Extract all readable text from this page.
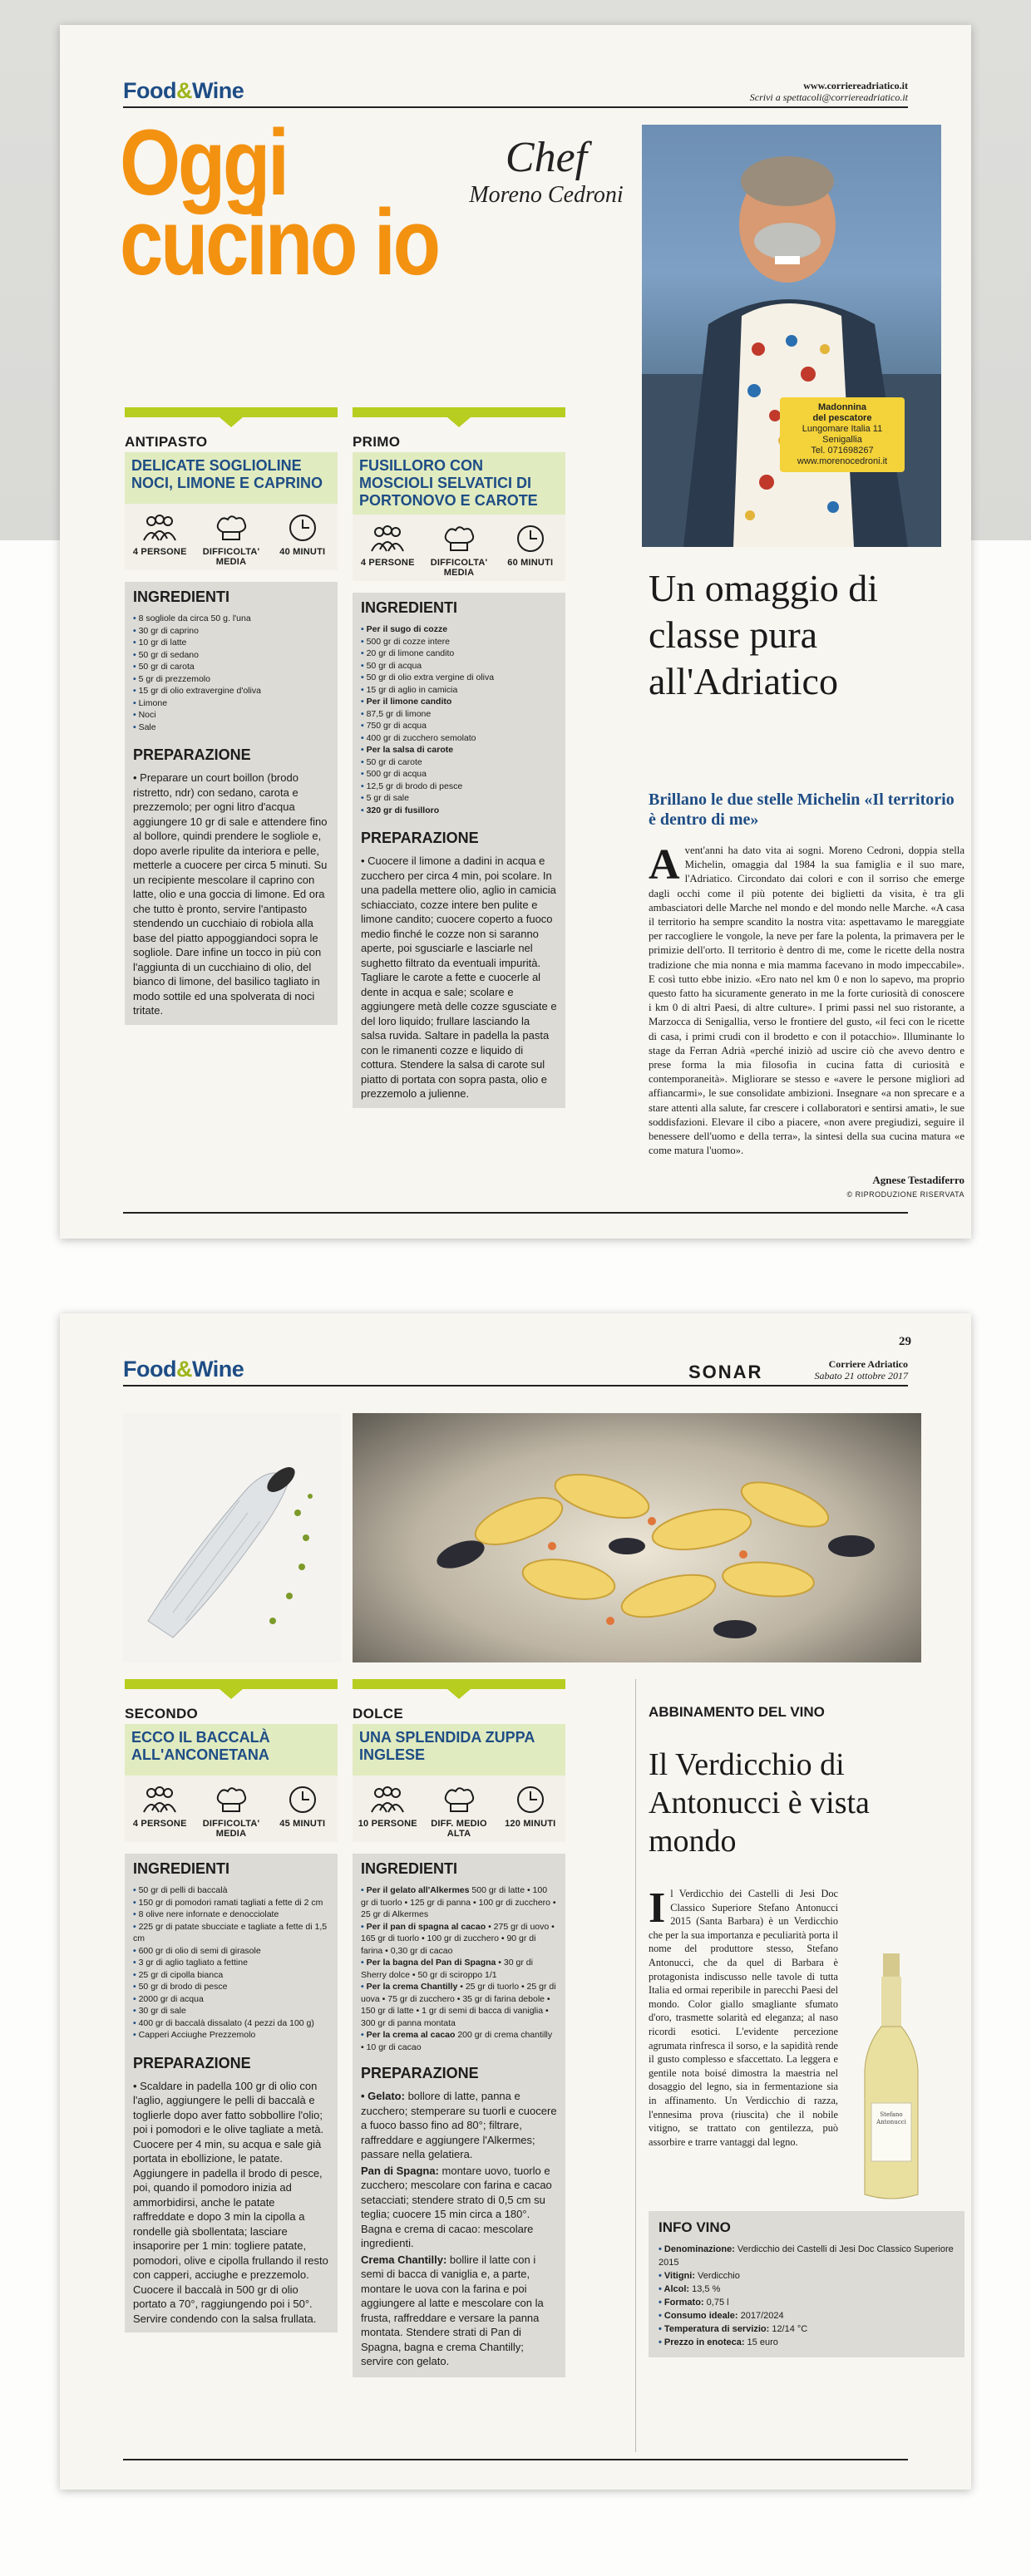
Food&Wine	www.corriereadriatico.it
Scrivi a spettacoli@corriereadriatico.it
Oggi
cucino io
Chef
Moreno Cedroni
Madonnina
del pescatore
Lungomare Italia 11
Senigallia
Tel. 071698267
www.morenocedroni.it
ANTIPASTO
DELICATE SOGLIOLINE NOCI, LIMONE E CAPRINO
4 PERSONE	DIFFICOLTA' MEDIA
40 MINUTI
INGREDIENTI
• 8 sogliole da circa 50 g. l'una
• 30 gr di caprino
• 10 gr di latte
• 50 gr di sedano
• 50 gr di carota
• 5 gr di prezzemolo
• 15 gr di olio extravergine d'oliva
• Limone
• Noci
• Sale
PREPARAZIONE

• Preparare un court boillon (brodo ristretto, ndr) con sedano, carota e prezzemolo; per ogni litro d'acqua aggiungere 10 gr di sale e attendere fino al bollore, quindi prendere le sogliole e, dopo averle ripulite da interiora e pelle, metterle a cuocere per circa 5 minuti. Su un recipiente mescolare il caprino con latte, olio e una goccia di limone. Ed ora che tutto è pronto, servire l'antipasto stendendo un cucchiaio di robiola alla base del piatto appoggiandoci sopra le sogliole. Dare infine un tocco in più con l'aggiunta di un cucchiaino di olio, del bianco di limone, del basilico tagliato in modo sottile ed una spolverata di noci tritate.

PRIMO
FUSILLORO CON MOSCIOLI SELVATICI DI PORTONOVO E CAROTE
4 PERSONE	DIFFICOLTA' MEDIA
60 MINUTI
INGREDIENTI
• Per il sugo di cozze
• 500 gr di cozze intere
• 20 gr di limone candito
• 50 gr di acqua
• 50 gr di olio extra vergine di oliva
• 15 gr di aglio in camicia
• Per il limone candito
• 87,5 gr di limone
• 750 gr di acqua
• 400 gr di zucchero semolato
• Per la salsa di carote
• 50 gr di carote
• 500 gr di acqua
• 12,5 gr di brodo di pesce
• 5 gr di sale
• 320 gr di fusilloro
PREPARAZIONE

• Cuocere il limone a dadini in acqua e zucchero per circa 4 min, poi scolare. In una padella mettere olio, aglio in camicia schiacciato, cozze intere ben pulite e limone candito; cuocere coperto a fuoco medio finché le cozze non si saranno aperte, poi sgusciarle e lasciarle nel sughetto filtrato da eventuali impurità. Tagliare le carote a fette e cuocerle al dente in acqua e sale; scolare e aggiungere metà delle cozze sgusciate e del loro liquido; frullare lasciando la salsa ruvida. Saltare in padella la pasta con le rimanenti cozze e liquido di cottura. Stendere la salsa di carote sul piatto di portata con sopra pasta, olio e prezzemolo a julienne.

Un omaggio di classe pura all'Adriatico
Brillano le due stelle Michelin «Il territorio è dentro di me»
Avent'anni ha dato vita ai sogni. Moreno Cedroni, doppia stella Michelin, omaggia dal 1984 la sua famiglia e il suo mare, l'Adriatico. Circondato dai colori e con il sorriso che emerge dagli occhi come il più potente dei biglietti da visita, è tra gli ambasciatori delle Marche nel mondo e del mondo nelle Marche. «A casa il territorio ha sempre scandito la nostra vita: aspettavamo le mareggiate per raccogliere le vongole, la neve per fare la polenta, la primavera per le primizie dell'orto. Il territorio è dentro di me, come le ricette della nostra tradizione che mia nonna e mia mamma facevano in modo impeccabile». E così tutto ebbe inizio. «Ero nato nel km 0 e non lo sapevo, ma proprio questo fatto ha sicuramente generato in me la forte curiosità di conoscere i km 0 di altri Paesi, di altre culture». I primi passi nel suo ristorante, a Marzocca di Senigallia, verso le frontiere del gusto, «il feci con le ricette di casa, i primi crudi con il brodetto e con il potacchio». Illuminante lo stage da Ferran Adrià «perché iniziò ad uscire ciò che avevo dentro e prese forma la mia filosofia in cucina fatta di curiosità e contemporaneità». Migliorare se stesso e «avere le persone migliori ad affiancarmi», le sue consolidate ambizioni. Insegnare «a non sprecare e a stare attenti alla salute, far crescere i collaboratori e sentirsi amati», le sue soddisfazioni. Elevare il cibo a piacere, «non avere pregiudizi, seguire il benessere dell'uomo e della terra», la sintesi della sua cucina matura «e come matura l'uomo».
Agnese Testadiferro
© RIPRODUZIONE RISERVATA
29
Food&Wine	SONAR	Corriere Adriatico
Sabato 21 ottobre 2017
SECONDO
ECCO IL BACCALÀ ALL'ANCONETANA
4 PERSONE	DIFFICOLTA' MEDIA
45 MINUTI
INGREDIENTI
• 50 gr di pelli di baccalà
• 150 gr di pomodori ramati tagliati a fette di 2 cm
• 8 olive nere infornate e denocciolate
• 225 gr di patate sbucciate e tagliate a fette di 1,5 cm
• 600 gr di olio di semi di girasole
• 3 gr di aglio tagliato a fettine
• 25 gr di cipolla bianca
• 50 gr di brodo di pesce
• 2000 gr di acqua
• 30 gr di sale
• 400 gr di baccalà dissalato (4 pezzi da 100 g)
• Capperi Acciughe Prezzemolo
PREPARAZIONE

• Scaldare in padella 100 gr di olio con l'aglio, aggiungere le pelli di baccalà e toglierle dopo aver fatto sobbollire l'olio; poi i pomodori e le olive tagliate a metà. Cuocere per 4 min, su acqua e sale già portata in ebollizione, le patate. Aggiungere in padella il brodo di pesce, poi, quando il pomodoro inizia ad ammorbidirsi, anche le patate raffreddate e dopo 3 min la cipolla a rondelle già sbollentata; lasciare insaporire per 1 min: togliere patate, pomodori, olive e cipolla frullando il resto con capperi, acciughe e prezzemolo. Cuocere il baccalà in 500 gr di olio portato a 70°, raggiungendo poi i 50°. Servire condendo con la salsa frullata.

DOLCE
UNA SPLENDIDA ZUPPA INGLESE
10 PERSONE	DIFF. MEDIO ALTA
120 MINUTI
INGREDIENTI
• Per il gelato all'Alkermes 500 gr di latte • 100 gr di tuorlo • 125 gr di panna • 100 gr di zucchero • 25 gr di Alkermes
• Per il pan di spagna al cacao • 275 gr di uovo • 165 gr di tuorlo • 100 gr di zucchero • 90 gr di farina • 0,30 gr di cacao
• Per la bagna del Pan di Spagna • 30 gr di Sherry dolce • 50 gr di sciroppo 1/1
• Per la crema Chantilly • 25 gr di tuorlo • 25 gr di uova • 75 gr di zucchero • 35 gr di farina debole • 150 gr di latte • 1 gr di semi di bacca di vaniglia • 300 gr di panna montata
• Per la crema al cacao 200 gr di crema chantilly • 10 gr di cacao
PREPARAZIONE

• Gelato: bollore di latte, panna e zucchero; stemperare su tuorli e cuocere a fuoco basso fino ad 80°; filtrare, raffreddare e aggiungere l'Alkermes; passare nella gelatiera.

Pan di Spagna: montare uovo, tuorlo e zucchero; mescolare con farina e cacao setacciati; stendere strato di 0,5 cm su teglia; cuocere 15 min circa a 180°. Bagna e crema di cacao: mescolare ingredienti.

Crema Chantilly: bollire il latte con i semi di bacca di vaniglia e, a parte, montare le uova con la farina e poi aggiungere al latte e mescolare con la frusta, raffreddare e versare la panna montata. Stendere strati di Pan di Spagna, bagna e crema Chantilly; servire con gelato.

ABBINAMENTO DEL VINO
Il Verdicchio di Antonucci è vista mondo
Il Verdicchio dei Castelli di Jesi Doc Classico Superiore Stefano Antonucci 2015 (Santa Barbara) è un Verdicchio che per la sua importanza e peculiarità porta il nome del produttore stesso, Stefano Antonucci, che da quel di Barbara è protagonista indiscusso nelle tavole di tutta Italia ed ormai reperibile in parecchi Paesi del mondo. Color giallo smagliante sfumato d'oro, trasmette solarità ed eleganza; al naso ricordi esotici. L'evidente percezione agrumata rinfresca il sorso, e la sapidità rende il gusto complesso e sfaccettato. La leggera e gentile nota boisé dimostra la maestria nel dosaggio del legno, sia in fermentazione sia in affinamento. Un Verdicchio di razza, l'ennesima prova (riuscita) che il nobile vitigno, se trattato con gentilezza, può assorbire e trarre vantaggi dal legno.
Stefano Antonucci
INFO VINO
• Denominazione: Verdicchio dei Castelli di Jesi Doc Classico Superiore 2015
• Vitigni: Verdicchio
• Alcol: 13,5 %
• Formato: 0,75 l
• Consumo ideale: 2017/2024
• Temperatura di servizio: 12/14 °C
• Prezzo in enoteca: 15 euro
